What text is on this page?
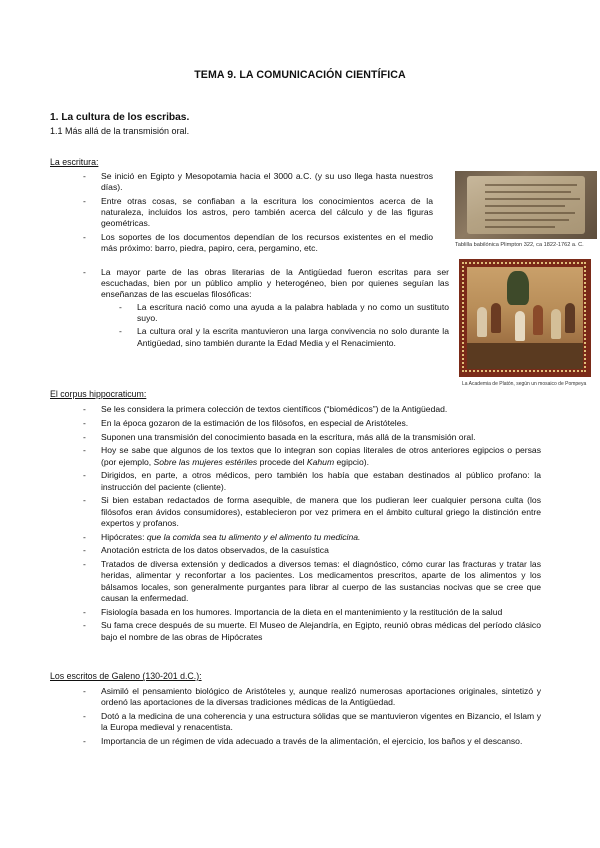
TEMA 9. LA COMUNICACIÓN CIENTÍFICA
1. La cultura de los escribas.
1.1 Más allá de la transmisión oral.
La escritura:
- Se inició en Egipto y Mesopotamia hacia el 3000 a.C. (y su uso llega hasta nuestros días).
- Entre otras cosas, se confiaban a la escritura los conocimientos acerca de la naturaleza, incluidos los astros, pero también acerca del cálculo y de las figuras geométricas.
- Los soportes de los documentos dependían de los recursos existentes en el medio más próximo: barro, piedra, papiro, cera, pergamino, etc.
- La mayor parte de las obras literarias de la Antigüedad fueron escritas para ser escuchadas, bien por un público amplio y heterogéneo, bien por quienes seguían las enseñanzas de las escuelas filosóficas:
- La escritura nació como una ayuda a la palabra hablada y no como un sustituto suyo.
- La cultura oral y la escrita mantuvieron una larga convivencia no solo durante la Antigüedad, sino también durante la Edad Media y el Renacimiento.
Tablilla babilónica Plimpton 322, ca 1822-1762 a. C.
La Academia de Platón, según un mosaico de Pompeya
El corpus hippocraticum:
- Se les considera la primera colección de textos científicos (“biomédicos”) de la Antigüedad.
- En la época gozaron de la estimación de los filósofos, en especial de Aristóteles.
- Suponen una transmisión del conocimiento basada en la escritura, más allá de la transmisión oral.
- Hoy se sabe que algunos de los textos que lo integran son copias literales de otros anteriores egipcios o persas (por ejemplo, Sobre las mujeres estériles procede del Kahum egipcio).
- Dirigidos, en parte, a otros médicos, pero también los había que estaban destinados al público profano: la instrucción del paciente (cliente).
- Si bien estaban redactados de forma asequible, de manera que los pudieran leer cualquier persona culta (los filósofos eran ávidos consumidores), establecieron por vez primera en el ámbito cultural griego la distinción entre expertos y profanos.
- Hipócrates: que la comida sea tu alimento y el alimento tu medicina.
- Anotación estricta de los datos observados, de la casuística
- Tratados de diversa extensión y dedicados a diversos temas: el diagnóstico, cómo curar las fracturas y tratar las heridas, alimentar y reconfortar a los pacientes. Los medicamentos prescritos, aparte de los alimentos y los bálsamos locales, son generalmente purgantes para librar al cuerpo de las sustancias nocivas que se cree que causan la enfermedad.
- Fisiología basada en los humores. Importancia de la dieta en el mantenimiento y la restitución de la salud
- Su fama crece después de su muerte. El Museo de Alejandría, en Egipto, reunió obras médicas del período clásico bajo el nombre de las obras de Hipócrates
Los escritos de Galeno (130-201 d.C.):
- Asimiló el pensamiento biológico de Aristóteles y, aunque realizó numerosas aportaciones originales, sintetizó y ordenó las aportaciones de la diversas tradiciones médicas de la Antigüedad.
- Dotó a la medicina de una coherencia y una estructura sólidas que se mantuvieron vigentes en Bizancio, el Islam y la Europa medieval y renacentista.
- Importancia de un régimen de vida adecuado a través de la alimentación, el ejercicio, los baños y el descanso.
